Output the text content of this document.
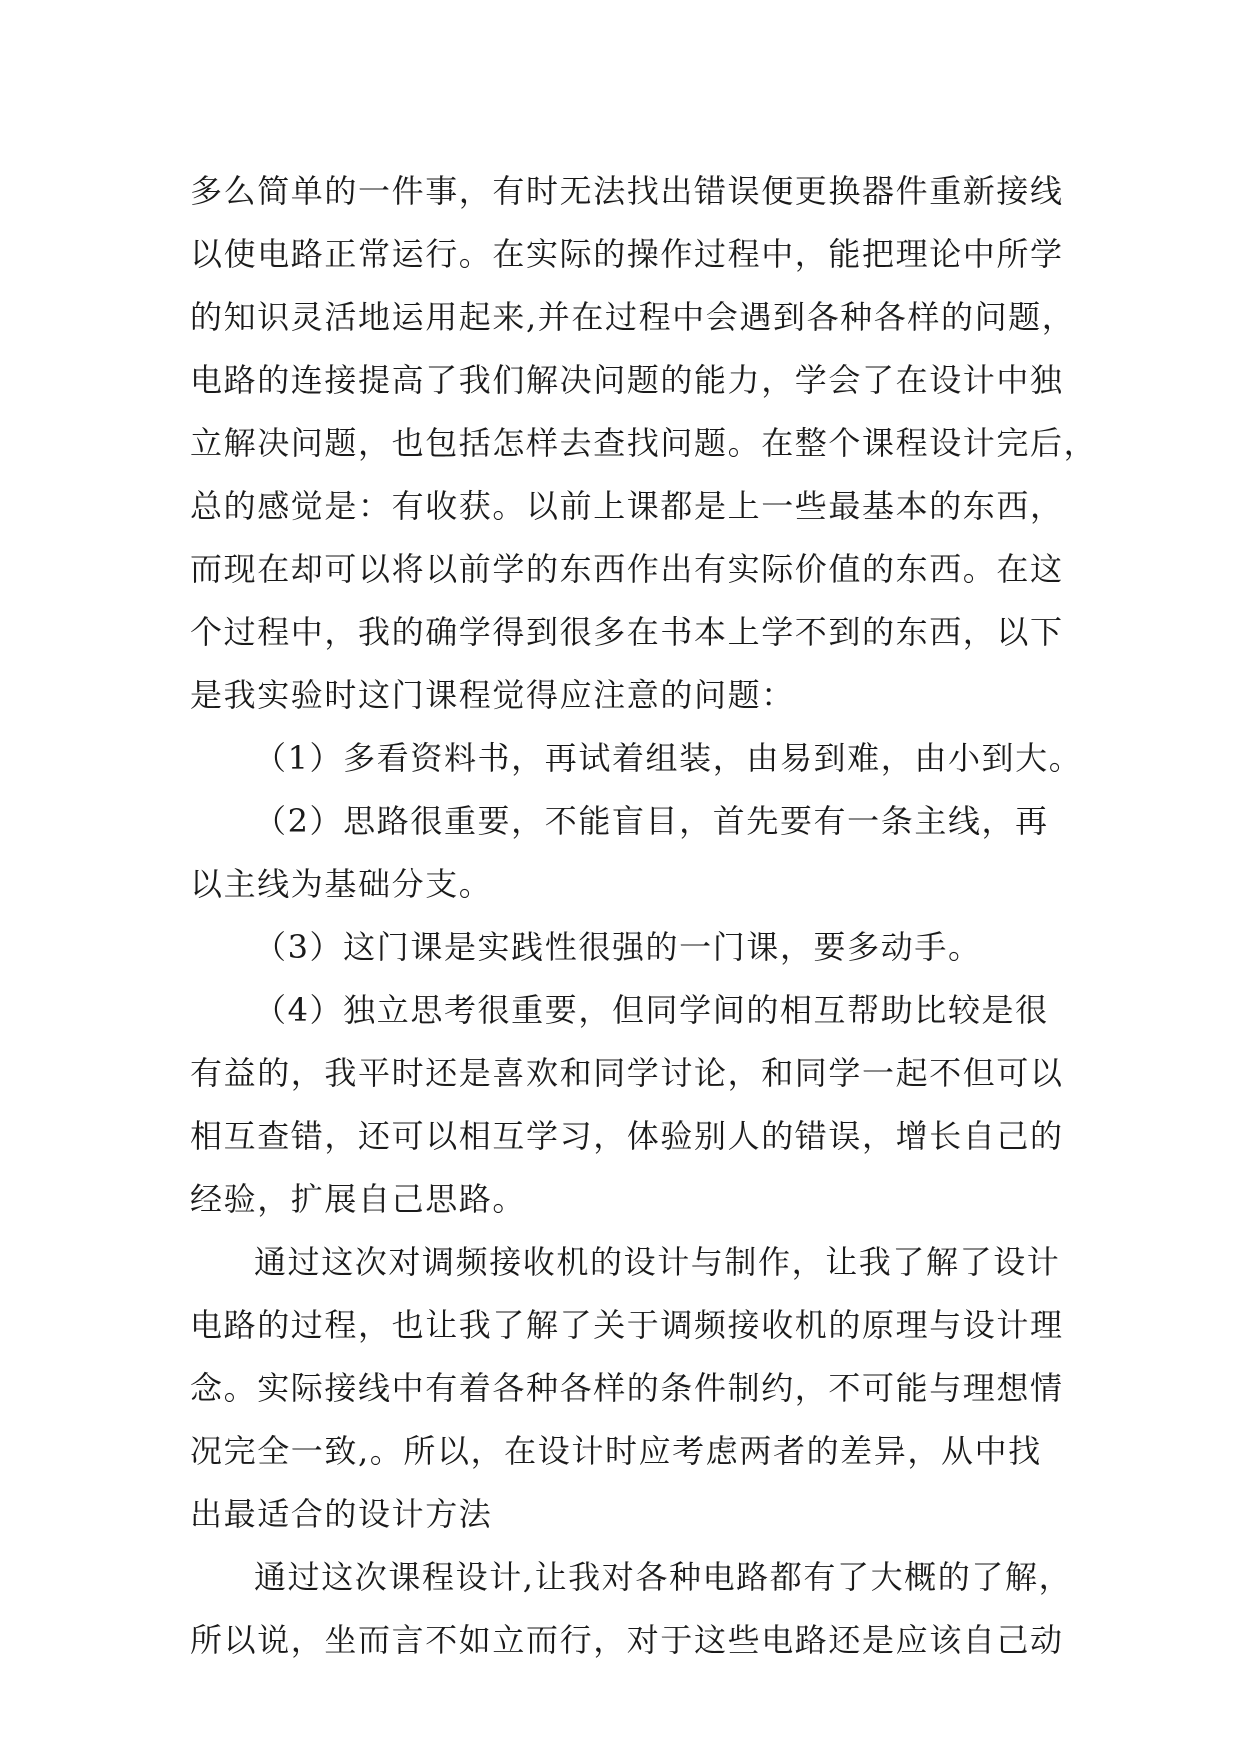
多么简单的一件事，有时无法找出错误便更换器件重新接线
以使电路正常运行。在实际的操作过程中，能把理论中所学
的知识灵活地运用起来,并在过程中会遇到各种各样的问题，
电路的连接提高了我们解决问题的能力，学会了在设计中独
立解决问题，也包括怎样去查找问题。在整个课程设计完后，
总的感觉是：有收获。以前上课都是上一些最基本的东西，
而现在却可以将以前学的东西作出有实际价值的东西。在这
个过程中，我的确学得到很多在书本上学不到的东西，以下
是我实验时这门课程觉得应注意的问题：
（1）多看资料书，再试着组装，由易到难，由小到大。
（2）思路很重要，不能盲目，首先要有一条主线，再
以主线为基础分支。
（3）这门课是实践性很强的一门课，要多动手。
（4）独立思考很重要，但同学间的相互帮助比较是很
有益的，我平时还是喜欢和同学讨论，和同学一起不但可以
相互查错，还可以相互学习，体验别人的错误，增长自己的
经验，扩展自己思路。
通过这次对调频接收机的设计与制作，让我了解了设计
电路的过程，也让我了解了关于调频接收机的原理与设计理
念。实际接线中有着各种各样的条件制约，不可能与理想情
况完全一致,。所以，在设计时应考虑两者的差异，从中找
出最适合的设计方法
通过这次课程设计,让我对各种电路都有了大概的了解，
所以说，坐而言不如立而行，对于这些电路还是应该自己动
